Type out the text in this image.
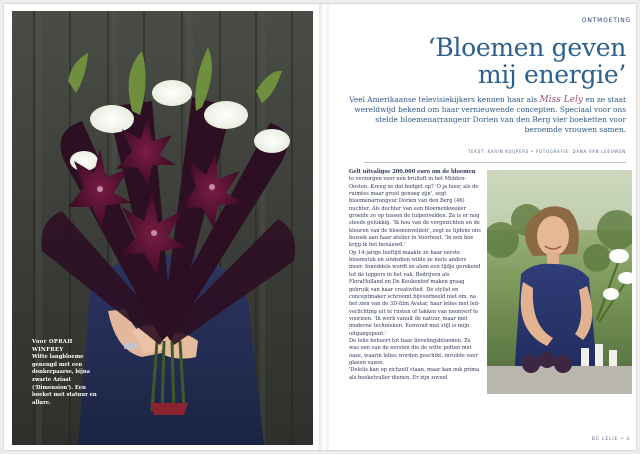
Voor OPRAH WINFREY
Witte langbloeme genengd met een donkerpaarse, bijna zwarte Aziaat ('Dimension'). Een boeket met statuur en allure.
ONTMOETING
‘Bloemen geven
mij energie’
Veel Amerikaanse televisiekijkers kennen haar als Miss Lely en ze staat wereldwijd bekend om haar vernieuwende concepten. Speciaal voor ons stelde bloemenarrangeur Dorien van den Berg vier boeketten voor beroemde vrouwen samen.
TEKST: KARIN KUIJPERS • FOTOGRAFIE: DANA VAN LEEUWEN

Gelt uitvaligse 200.000 euro om de bloemen te verzorgen voor een bruiloft in het Midden-Oosten. Kreeg ze dat budget op? 'O ja hoor, als de ruimtes maar groot genoeg zijn', zegt bloemenarrangeur Dorien van den Berg (46) nuchter. Als dochter van een bloemenkweker groeide ze op tussen de tulpenvelden. Ze is er nog steeds gelukkig. 'Ik hou van de vergezichten en de kleuren van de bloemenvelden', zegt ze tijdens ons bezoek aan haar atelier in Voorhout. 'In een hoe krijg ik het benauwd.'

Op 14-jarige leeftijd maakte ze haar eerste bloemstuk en sindsdien wilde ze niets anders meer. Inmiddels wordt ze alom een tijdje gerekend tot de toppers in het vak. Bedrijven als FloraHolland en De Keukenhof maken graag gebruik van haar creativiteit. De stylist en conceptmaker schroomt bijvoorbeeld niet om, na het zien van de 3D-film Avatar, haar lelies met led-verlichting uit te rusten of takken van neonverf te voorzien. 'Ik werk vanuit de natuur, maar met moderne technieken. Eenvoud met stijl is mijn uitgangspunt.'

De lelie behoort tot haar lievelingsbloemen. Ze was een van de eersten die de witte potten met oase, waarin lelies worden geschikt, inruilde voor glazen vazen.

'Delelis kan op zichzelf staan, maar kan ook prima als boeketvuller dienen. Er zijn zoveel

DE LELIE • 3
